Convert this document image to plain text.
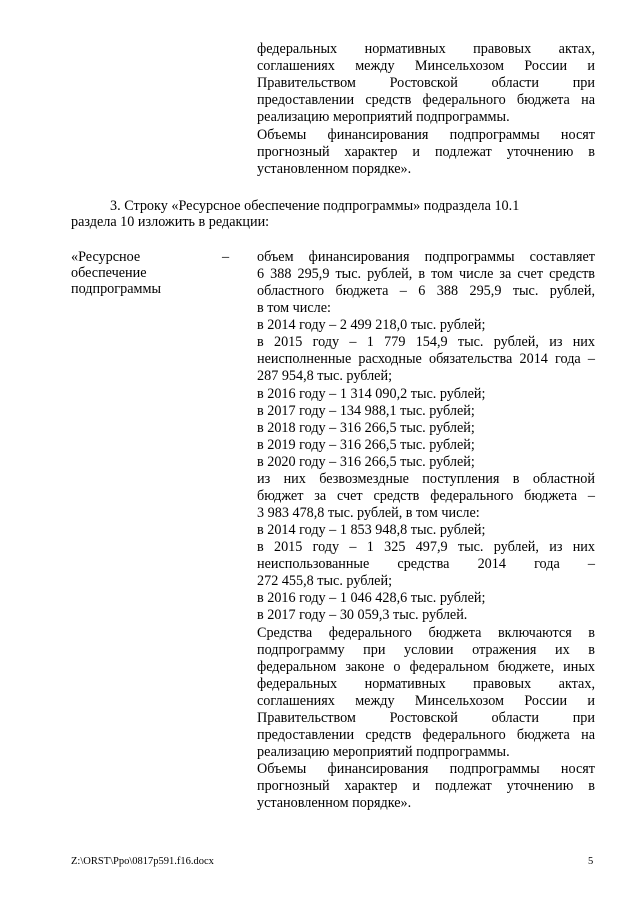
федеральных нормативных правовых актах,
соглашениях между Минсельхозом России и
Правительством Ростовской области при
предоставлении средств федерального бюджета на
реализацию мероприятий подпрограммы.
Объемы финансирования подпрограммы носят
прогнозный характер и подлежат уточнению в
установленном порядке».
3. Строку «Ресурсное обеспечение подпрограммы» подраздела 10.1
раздела 10 изложить в редакции:
«Ресурсное	–
обеспечение
подпрограммы
объем финансирования подпрограммы составляет
6 388 295,9 тыс. рублей, в том числе за счет средств
областного бюджета – 6 388 295,9 тыс. рублей,
в том числе:
в 2014 году – 2 499 218,0 тыс. рублей;
в 2015 году – 1 779 154,9 тыс. рублей, из них
неисполненные расходные обязательства 2014 года –
287 954,8 тыс. рублей;
в 2016 году – 1 314 090,2 тыс. рублей;
в 2017 году – 134 988,1 тыс. рублей;
в 2018 году – 316 266,5 тыс. рублей;
в 2019 году – 316 266,5 тыс. рублей;
в 2020 году – 316 266,5 тыс. рублей;
из них безвозмездные поступления в областной
бюджет за счет средств федерального бюджета –
3 983 478,8 тыс. рублей, в том числе:
в 2014 году – 1 853 948,8 тыс. рублей;
в 2015 году – 1 325 497,9 тыс. рублей, из них
неиспользованные средства 2014 года –
272 455,8 тыс. рублей;
в 2016 году – 1 046 428,6 тыс. рублей;
в 2017 году – 30 059,3 тыс. рублей.
Средства федерального бюджета включаются в
подпрограмму при условии отражения их в
федеральном законе о федеральном бюджете, иных
федеральных нормативных правовых актах,
соглашениях между Минсельхозом России и
Правительством Ростовской области при
предоставлении средств федерального бюджета на
реализацию мероприятий подпрограммы.
Объемы финансирования подпрограммы носят
прогнозный характер и подлежат уточнению в
установленном порядке».
Z:\ORST\Ppo\0817p591.f16.docx	5
